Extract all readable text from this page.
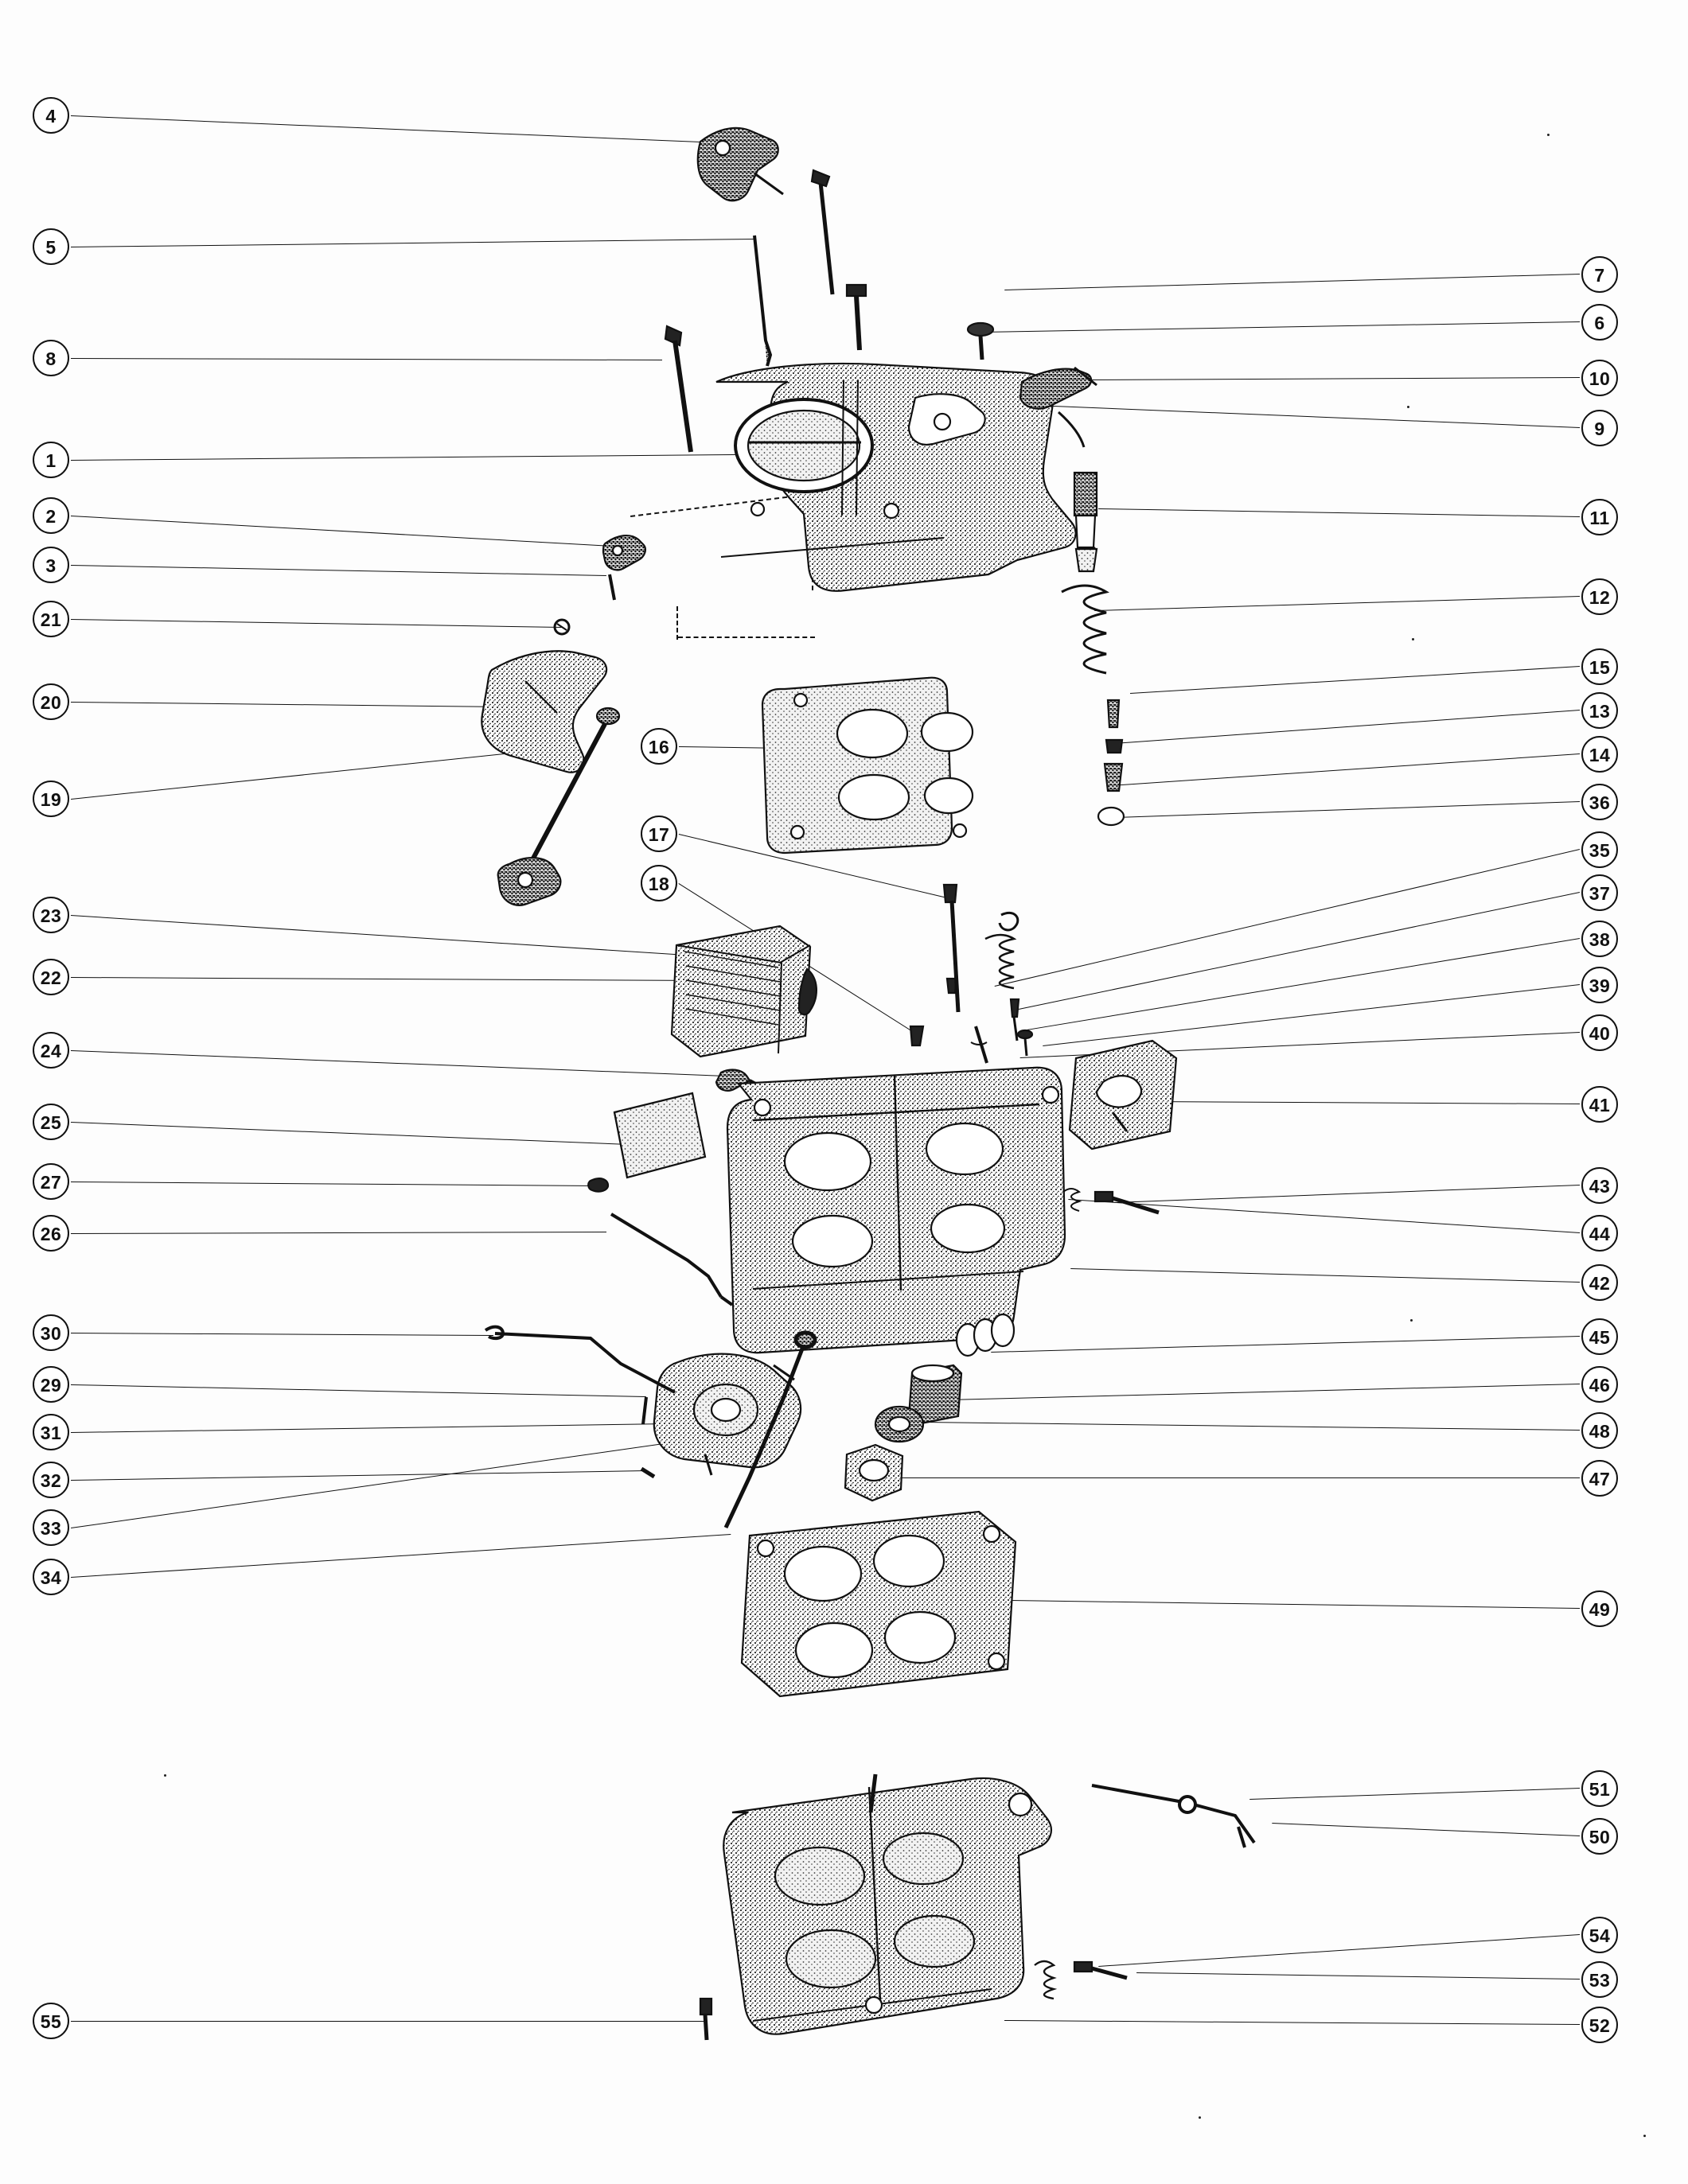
4
5
8
1
2
3
21
20
19
23
22
24
25
27
26
30
29
31
32
33
34
55
7
6
10
9
11
12
15
13
14
36
35
37
38
39
40
41
43
44
42
45
46
48
47
49
51
50
54
53
52
16
17
18
